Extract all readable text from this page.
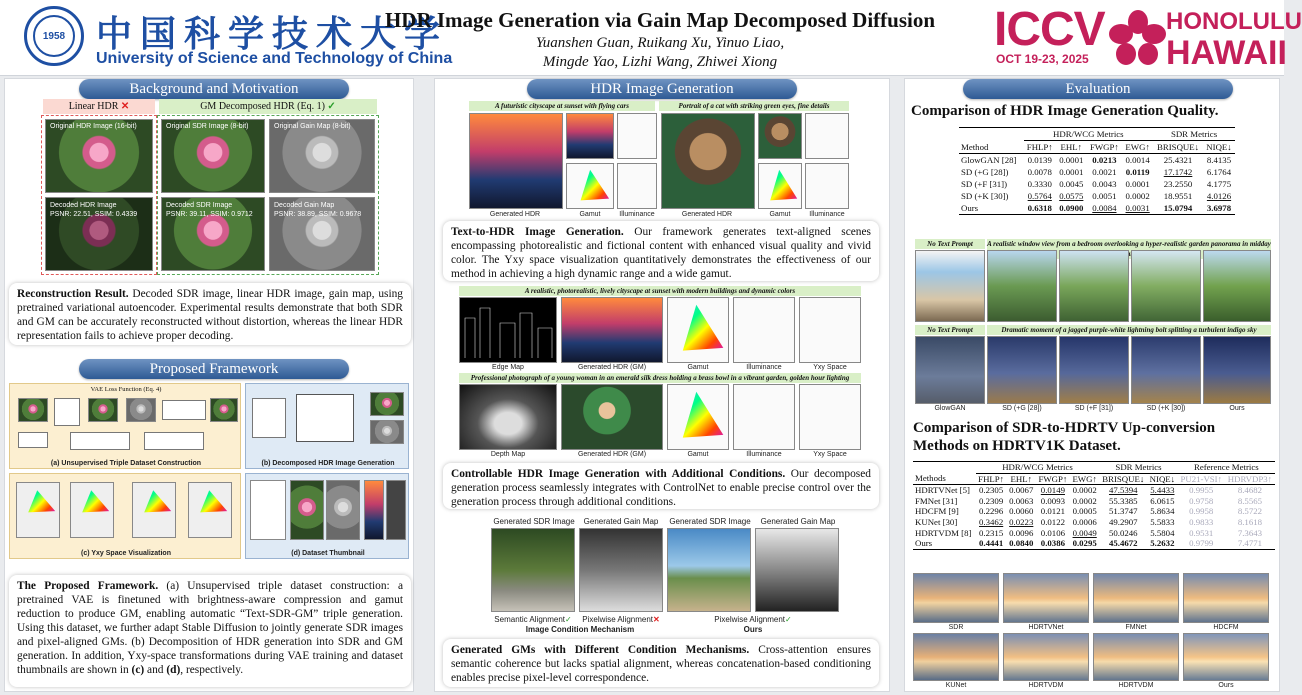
1958 中国科学技术大学
University of Science and Technology of China
HDR Image Generation via Gain Map Decomposed Diffusion
Yuanshen Guan, Ruikang Xu, Yinuo Liao,
Mingde Yao, Lizhi Wang, Zhiwei Xiong
ICCV
OCT 19-23, 2025
HONOLULU
HAWAII
Background and Motivation
Linear HDR ✕	GM Decomposed HDR (Eq. 1) ✓
Original HDR Image (16-bit)	Original SDR Image (8-bit)	Original Gain Map (8-bit)
Decoded HDR Image
PSNR: 22.51, SSIM: 0.4339
Decoded SDR Image
PSNR: 39.11, SSIM: 0.9712
Decoded Gain Map
PSNR: 38.89, SSIM: 0.9678
Reconstruction Result. Decoded SDR image, linear HDR image, gain map, using pretrained variational autoencoder. Experimental results demonstrate that both SDR and GM can be accurately reconstructed without distortion, whereas the linear HDR representation fails to achieve proper decoding.
Proposed Framework
VAE Loss Function (Eq. 4)
(a) Unsupervised Triple Dataset Construction	(b) Decomposed HDR Image Generation
(c) Yxy Space Visualization	(d) Dataset Thumbnail
The Proposed Framework. (a) Unsupervised triple dataset construction: a pretrained VAE is finetuned with brightness-aware compression and gamut reduction to produce GM, enabling automatic “Text-SDR-GM” triple generation. Using this dataset, we further adapt Stable Diffusion to jointly generate SDR images and pixel-aligned GMs. (b) Decomposition of HDR generation into SDR and GM generation. In addition, Yxy-space transformations during VAE training and dataset thumbnails are shown in (c) and (d), respectively.
HDR Image Generation
A futuristic cityscape at sunset with flying cars	Portrait of a cat with striking green eyes, fine details
Generated HDR	Gamut	Illuminance	Generated HDR	Gamut	Illuminance
Text-to-HDR Image Generation. Our framework generates text-aligned scenes encompassing photorealistic and fictional content with enhanced visual quality and vivid color. The Yxy space visualization quantitatively demonstrates the effectiveness of our method in achieving a high dynamic range and a wide gamut.
A realistic, photorealistic, lively cityscape at sunset with modern buildings and dynamic colors
Edge Map	Generated HDR (GM)	Gamut	Illuminance	Yxy Space
Professional photograph of a young woman in an emerald silk dress holding a brass bowl in a vibrant garden, golden hour lighting
Depth Map	Generated HDR (GM)	Gamut	Illuminance	Yxy Space
Controllable HDR Image Generation with Additional Conditions. Our decomposed generation process seamlessly integrates with ControlNet to enable precise control over the generation process through additional conditions.
Generated SDR Image	Generated Gain Map	Generated SDR Image	Generated Gain Map
Semantic Alignment✓	Pixelwise Alignment✕	Pixelwise Alignment✓
Image Condition Mechanism	Ours
Generated GMs with Different Condition Mechanisms. Cross-attention ensures semantic coherence but lacks spatial alignment, whereas concatenation-based conditioning enables precise pixel-level correspondence.
Evaluation
Comparison of HDR Image Generation Quality.
	HDR/WCG Metrics				SDR Metrics	
Method	FHLP↑	EHL↑	FWGP↑	EWG↑	BRISQUE↓	NIQE↓
GlowGAN [28]	0.0139	0.0001	0.0213	0.0014	25.4321	8.4135
SD (+G [28])	0.0078	0.0001	0.0021	0.0119	17.1742	6.1764
SD (+F [31])	0.3330	0.0045	0.0043	0.0001	23.2550	4.1775
SD (+K [30])	0.5764	0.0575	0.0051	0.0002	18.9551	4.0126
Ours	0.6318	0.0900	0.0084	0.0031	15.0794	3.6978
No Text Prompt	A realistic window view from a bedroom overlooking a hyper-realistic garden panorama in midday
No Text Prompt	Dramatic moment of a jagged purple-white lightning bolt splitting a turbulent indigo sky
GlowGAN	SD (+G [28])	SD (+F [31])	SD (+K [30])	Ours
Comparison of SDR-to-HDRTV Up-conversion
Methods on HDRTV1K Dataset.
	HDR/WCG Metrics				SDR Metrics		Reference Metrics	
Methods	FHLP↑	EHL↑	FWGP↑	EWG↑	BRISQUE↓	NIQE↓	PU21-VSI↑	HDRVDP3↑
HDRTVNet [5]	0.2305	0.0067	0.0149	0.0002	47.5394	5.4433	0.9955	8.4682
FMNet [31]	0.2309	0.0063	0.0093	0.0002	55.3385	6.0615	0.9758	8.5565
HDCFM [9]	0.2296	0.0060	0.0121	0.0005	51.3747	5.8634	0.9958	8.5722
KUNet [30]	0.3462	0.0223	0.0122	0.0006	49.2907	5.5833	0.9833	8.1618
HDRTVDM [8]	0.2315	0.0096	0.0106	0.0049	50.0246	5.5804	0.9531	7.3643
Ours	0.4441	0.0840	0.0386	0.0295	45.4672	5.2632	0.9799	7.4771
SDR	HDRTVNet	FMNet	HDCFM
KUNet	HDRTVDM	HDRTVDM	Ours
